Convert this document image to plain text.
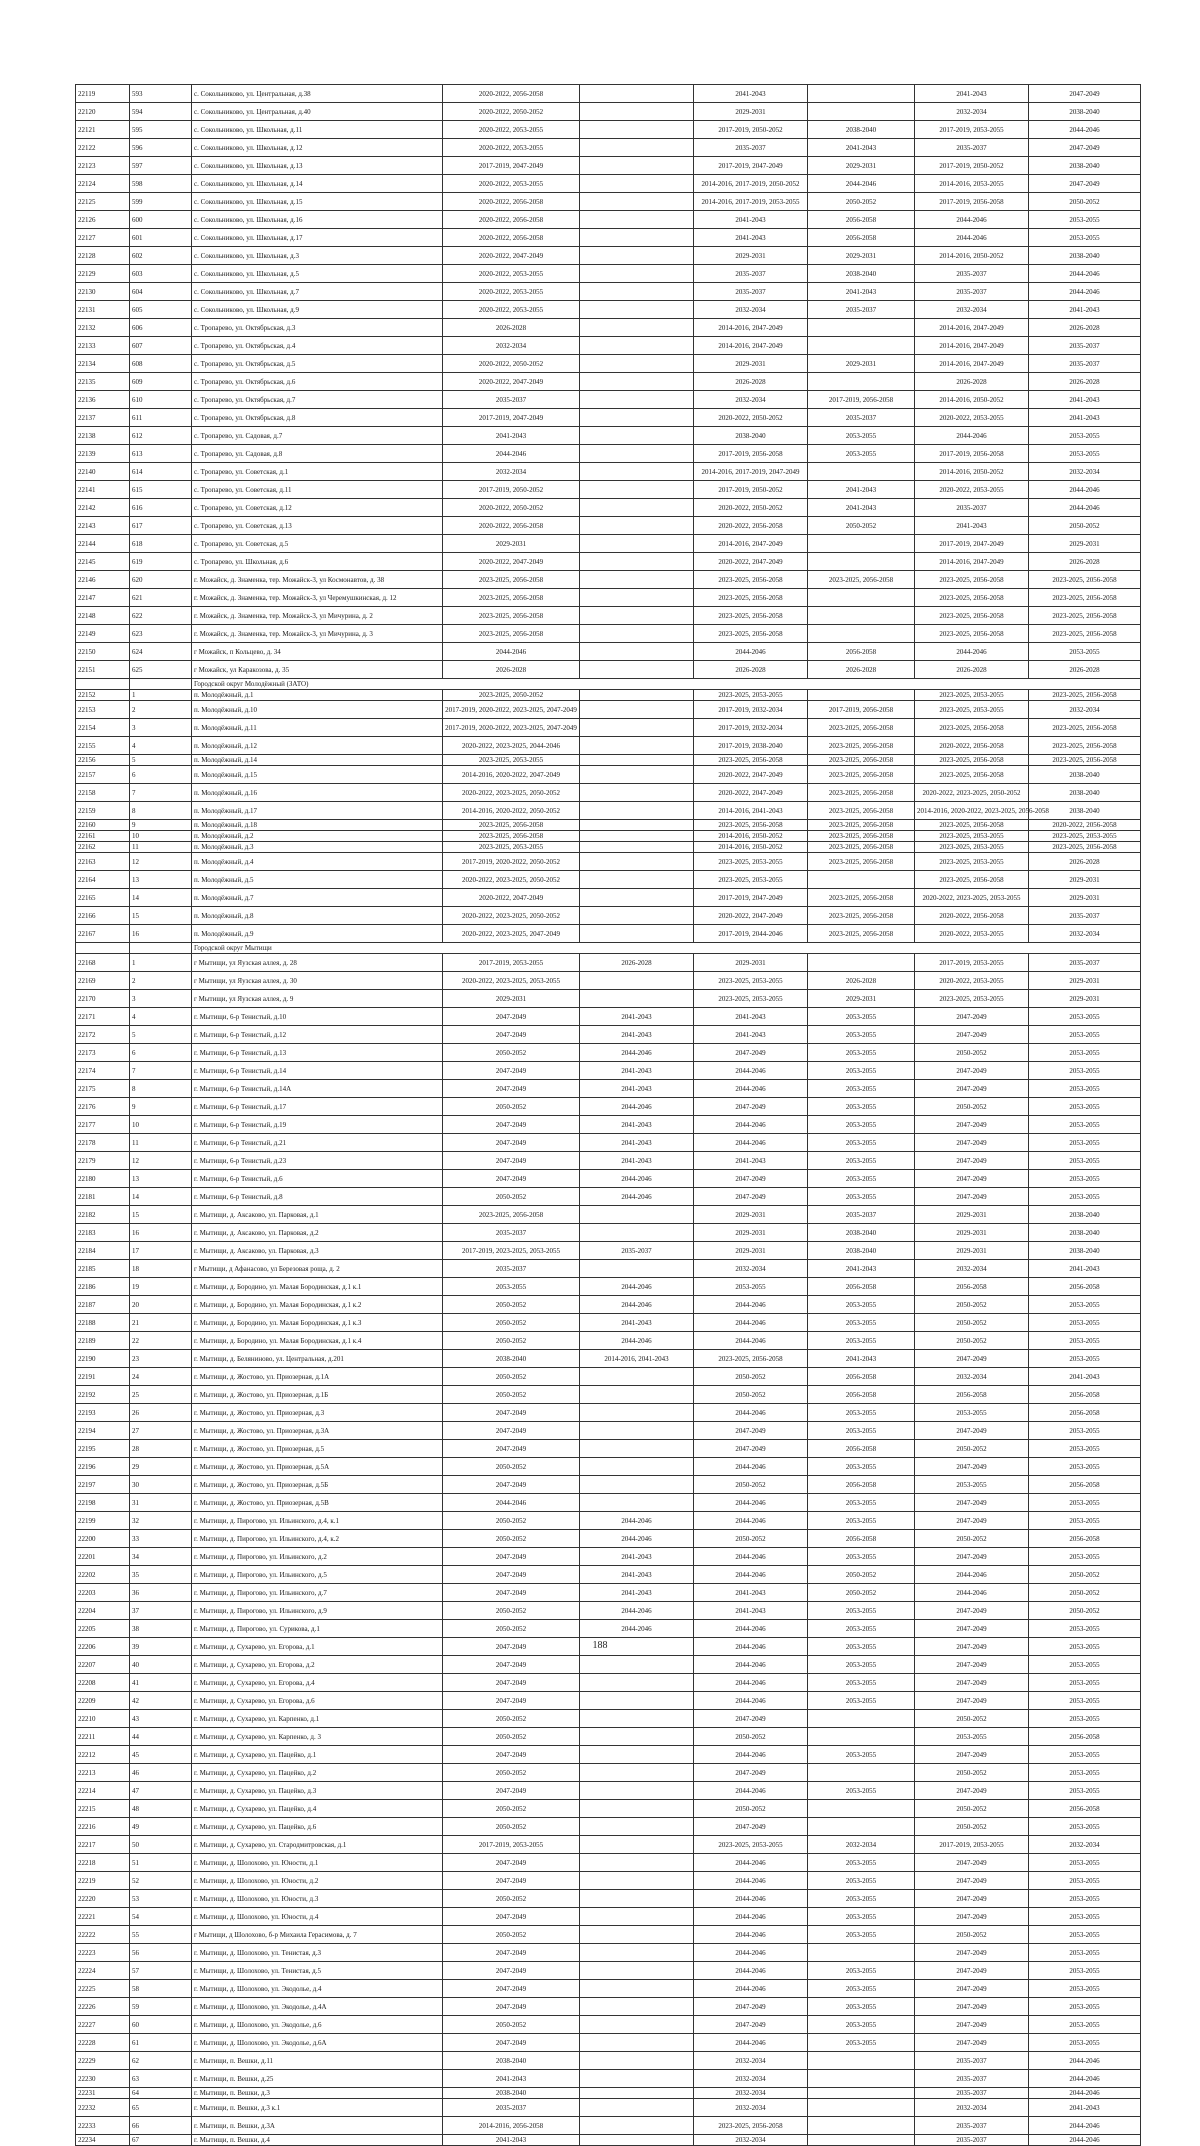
22119	593	с. Сокольниково, ул. Центральная, д.38	2020-2022, 2056-2058		2041-2043		2041-2043	2047-2049
22120	594	с. Сокольниково, ул. Центральная, д.40	2020-2022, 2050-2052		2029-2031		2032-2034	2038-2040
22121	595	с. Сокольниково, ул. Школьная, д.11	2020-2022, 2053-2055		2017-2019, 2050-2052	2038-2040	2017-2019, 2053-2055	2044-2046
22122	596	с. Сокольниково, ул. Школьная, д.12	2020-2022, 2053-2055		2035-2037	2041-2043	2035-2037	2047-2049
22123	597	с. Сокольниково, ул. Школьная, д.13	2017-2019, 2047-2049		2017-2019, 2047-2049	2029-2031	2017-2019, 2050-2052	2038-2040
22124	598	с. Сокольниково, ул. Школьная, д.14	2020-2022, 2053-2055		2014-2016, 2017-2019, 2050-2052	2044-2046	2014-2016, 2053-2055	2047-2049
22125	599	с. Сокольниково, ул. Школьная, д.15	2020-2022, 2056-2058		2014-2016, 2017-2019, 2053-2055	2050-2052	2017-2019, 2056-2058	2050-2052
22126	600	с. Сокольниково, ул. Школьная, д.16	2020-2022, 2056-2058		2041-2043	2056-2058	2044-2046	2053-2055
22127	601	с. Сокольниково, ул. Школьная, д.17	2020-2022, 2056-2058		2041-2043	2056-2058	2044-2046	2053-2055
22128	602	с. Сокольниково, ул. Школьная, д.3	2020-2022, 2047-2049		2029-2031	2029-2031	2014-2016, 2050-2052	2038-2040
22129	603	с. Сокольниково, ул. Школьная, д.5	2020-2022, 2053-2055		2035-2037	2038-2040	2035-2037	2044-2046
22130	604	с. Сокольниково, ул. Школьная, д.7	2020-2022, 2053-2055		2035-2037	2041-2043	2035-2037	2044-2046
22131	605	с. Сокольниково, ул. Школьная, д.9	2020-2022, 2053-2055		2032-2034	2035-2037	2032-2034	2041-2043
22132	606	с. Тропарево, ул. Октябрьская, д.3	2026-2028		2014-2016, 2047-2049		2014-2016, 2047-2049	2026-2028
22133	607	с. Тропарево, ул. Октябрьская, д.4	2032-2034		2014-2016, 2047-2049		2014-2016, 2047-2049	2035-2037
22134	608	с. Тропарево, ул. Октябрьская, д.5	2020-2022, 2050-2052		2029-2031	2029-2031	2014-2016, 2047-2049	2035-2037
22135	609	с. Тропарево, ул. Октябрьская, д.6	2020-2022, 2047-2049		2026-2028		2026-2028	2026-2028
22136	610	с. Тропарево, ул. Октябрьская, д.7	2035-2037		2032-2034	2017-2019, 2056-2058	2014-2016, 2050-2052	2041-2043
22137	611	с. Тропарево, ул. Октябрьская, д.8	2017-2019, 2047-2049		2020-2022, 2050-2052	2035-2037	2020-2022, 2053-2055	2041-2043
22138	612	с. Тропарево, ул. Садовая, д.7	2041-2043		2038-2040	2053-2055	2044-2046	2053-2055
22139	613	с. Тропарево, ул. Садовая, д.8	2044-2046		2017-2019, 2056-2058	2053-2055	2017-2019, 2056-2058	2053-2055
22140	614	с. Тропарево, ул. Советская, д.1	2032-2034		2014-2016, 2017-2019, 2047-2049		2014-2016, 2050-2052	2032-2034
22141	615	с. Тропарево, ул. Советская, д.11	2017-2019, 2050-2052		2017-2019, 2050-2052	2041-2043	2020-2022, 2053-2055	2044-2046
22142	616	с. Тропарево, ул. Советская, д.12	2020-2022, 2050-2052		2020-2022, 2050-2052	2041-2043	2035-2037	2044-2046
22143	617	с. Тропарево, ул. Советская, д.13	2020-2022, 2056-2058		2020-2022, 2056-2058	2050-2052	2041-2043	2050-2052
22144	618	с. Тропарево, ул. Советская, д.5	2029-2031		2014-2016, 2047-2049		2017-2019, 2047-2049	2029-2031
22145	619	с. Тропарево, ул. Школьная, д.6	2020-2022, 2047-2049		2020-2022, 2047-2049		2014-2016, 2047-2049	2026-2028
22146	620	г. Можайск, д. Знаменка, тер. Можайск-3, ул Космонавтов, д. 38	2023-2025, 2056-2058		2023-2025, 2056-2058	2023-2025, 2056-2058	2023-2025, 2056-2058	2023-2025, 2056-2058
22147	621	г. Можайск, д. Знаменка, тер. Можайск-3, ул Черемушкинская, д. 12	2023-2025, 2056-2058		2023-2025, 2056-2058		2023-2025, 2056-2058	2023-2025, 2056-2058
22148	622	г. Можайск, д. Знаменка, тер. Можайск-3, ул Мичурина, д. 2	2023-2025, 2056-2058		2023-2025, 2056-2058		2023-2025, 2056-2058	2023-2025, 2056-2058
22149	623	г. Можайск, д. Знаменка, тер. Можайск-3, ул Мичурина, д. 3	2023-2025, 2056-2058		2023-2025, 2056-2058		2023-2025, 2056-2058	2023-2025, 2056-2058
22150	624	г Можайск, п Кольцево, д. 34	2044-2046		2044-2046	2056-2058	2044-2046	2053-2055
22151	625	г Можайск, ул Каракозова, д. 35	2026-2028		2026-2028	2026-2028	2026-2028	2026-2028
		Городской округ Молодёжный (ЗАТО)						
22152	1	п. Молодёжный, д.1	2023-2025, 2050-2052		2023-2025, 2053-2055		2023-2025, 2053-2055	2023-2025, 2056-2058
22153	2	п. Молодёжный, д.10	2017-2019, 2020-2022, 2023-2025, 2047-2049		2017-2019, 2032-2034	2017-2019, 2056-2058	2023-2025, 2053-2055	2032-2034
22154	3	п. Молодёжный, д.11	2017-2019, 2020-2022, 2023-2025, 2047-2049		2017-2019, 2032-2034	2023-2025, 2056-2058	2023-2025, 2056-2058	2023-2025, 2056-2058
22155	4	п. Молодёжный, д.12	2020-2022, 2023-2025, 2044-2046		2017-2019, 2038-2040	2023-2025, 2056-2058	2020-2022, 2056-2058	2023-2025, 2056-2058
22156	5	п. Молодёжный, д.14	2023-2025, 2053-2055		2023-2025, 2056-2058	2023-2025, 2056-2058	2023-2025, 2056-2058	2023-2025, 2056-2058
22157	6	п. Молодёжный, д.15	2014-2016, 2020-2022, 2047-2049		2020-2022, 2047-2049	2023-2025, 2056-2058	2023-2025, 2056-2058	2038-2040
22158	7	п. Молодёжный, д.16	2020-2022, 2023-2025, 2050-2052		2020-2022, 2047-2049	2023-2025, 2056-2058	2020-2022, 2023-2025, 2050-2052	2038-2040
22159	8	п. Молодёжный, д.17	2014-2016, 2020-2022, 2050-2052		2014-2016, 2041-2043	2023-2025, 2056-2058	2014-2016, 2020-2022, 2023-2025, 2056-2058	2038-2040
22160	9	п. Молодёжный, д.18	2023-2025, 2056-2058		2023-2025, 2056-2058	2023-2025, 2056-2058	2023-2025, 2056-2058	2020-2022, 2056-2058
22161	10	п. Молодёжный, д.2	2023-2025, 2056-2058		2014-2016, 2050-2052	2023-2025, 2056-2058	2023-2025, 2053-2055	2023-2025, 2053-2055
22162	11	п. Молодёжный, д.3	2023-2025, 2053-2055		2014-2016, 2050-2052	2023-2025, 2056-2058	2023-2025, 2053-2055	2023-2025, 2056-2058
22163	12	п. Молодёжный, д.4	2017-2019, 2020-2022, 2050-2052		2023-2025, 2053-2055	2023-2025, 2056-2058	2023-2025, 2053-2055	2026-2028
22164	13	п. Молодёжный, д.5	2020-2022, 2023-2025, 2050-2052		2023-2025, 2053-2055		2023-2025, 2056-2058	2029-2031
22165	14	п. Молодёжный, д.7	2020-2022, 2047-2049		2017-2019, 2047-2049	2023-2025, 2056-2058	2020-2022, 2023-2025, 2053-2055	2029-2031
22166	15	п. Молодёжный, д.8	2020-2022, 2023-2025, 2050-2052		2020-2022, 2047-2049	2023-2025, 2056-2058	2020-2022, 2056-2058	2035-2037
22167	16	п. Молодёжный, д.9	2020-2022, 2023-2025, 2047-2049		2017-2019, 2044-2046	2023-2025, 2056-2058	2020-2022, 2053-2055	2032-2034
		Городской округ Мытищи						
22168	1	г Мытищи, ул Яузская аллея, д. 28	2017-2019, 2053-2055	2026-2028	2029-2031		2017-2019, 2053-2055	2035-2037
22169	2	г Мытищи, ул Яузская аллея, д. 30	2020-2022, 2023-2025, 2053-2055		2023-2025, 2053-2055	2026-2028	2020-2022, 2053-2055	2029-2031
22170	3	г Мытищи, ул Яузская аллея, д. 9	2029-2031		2023-2025, 2053-2055	2029-2031	2023-2025, 2053-2055	2029-2031
22171	4	г. Мытищи, 6-р Тенистый, д.10	2047-2049	2041-2043	2041-2043	2053-2055	2047-2049	2053-2055
22172	5	г. Мытищи, 6-р Тенистый, д.12	2047-2049	2041-2043	2041-2043	2053-2055	2047-2049	2053-2055
22173	6	г. Мытищи, 6-р Тенистый, д.13	2050-2052	2044-2046	2047-2049	2053-2055	2050-2052	2053-2055
22174	7	г. Мытищи, 6-р Тенистый, д.14	2047-2049	2041-2043	2044-2046	2053-2055	2047-2049	2053-2055
22175	8	г. Мытищи, 6-р Тенистый, д.14А	2047-2049	2041-2043	2044-2046	2053-2055	2047-2049	2053-2055
22176	9	г. Мытищи, 6-р Тенистый, д.17	2050-2052	2044-2046	2047-2049	2053-2055	2050-2052	2053-2055
22177	10	г. Мытищи, 6-р Тенистый, д.19	2047-2049	2041-2043	2044-2046	2053-2055	2047-2049	2053-2055
22178	11	г. Мытищи, 6-р Тенистый, д.21	2047-2049	2041-2043	2044-2046	2053-2055	2047-2049	2053-2055
22179	12	г. Мытищи, 6-р Тенистый, д.23	2047-2049	2041-2043	2041-2043	2053-2055	2047-2049	2053-2055
22180	13	г. Мытищи, 6-р Тенистый, д.6	2047-2049	2044-2046	2047-2049	2053-2055	2047-2049	2053-2055
22181	14	г. Мытищи, 6-р Тенистый, д.8	2050-2052	2044-2046	2047-2049	2053-2055	2047-2049	2053-2055
22182	15	г. Мытищи, д. Аксаково, ул. Парковая, д.1	2023-2025, 2056-2058		2029-2031	2035-2037	2029-2031	2038-2040
22183	16	г. Мытищи, д. Аксаково, ул. Парковая, д.2	2035-2037		2029-2031	2038-2040	2029-2031	2038-2040
22184	17	г. Мытищи, д. Аксаково, ул. Парковая, д.3	2017-2019, 2023-2025, 2053-2055	2035-2037	2029-2031	2038-2040	2029-2031	2038-2040
22185	18	г Мытищи, д Афанасово, ул Березовая роща, д. 2	2035-2037		2032-2034	2041-2043	2032-2034	2041-2043
22186	19	г. Мытищи, д. Бородино, ул. Малая Бородинская, д.1 к.1	2053-2055	2044-2046	2053-2055	2056-2058	2056-2058	2056-2058
22187	20	г. Мытищи, д. Бородино, ул. Малая Бородинская, д.1 к.2	2050-2052	2044-2046	2044-2046	2053-2055	2050-2052	2053-2055
22188	21	г. Мытищи, д. Бородино, ул. Малая Бородинская, д.1 к.3	2050-2052	2041-2043	2044-2046	2053-2055	2050-2052	2053-2055
22189	22	г. Мытищи, д. Бородино, ул. Малая Бородинская, д.1 к.4	2050-2052	2044-2046	2044-2046	2053-2055	2050-2052	2053-2055
22190	23	г. Мытищи, д. Беляниново, ул. Центральная, д.201	2038-2040	2014-2016, 2041-2043	2023-2025, 2056-2058	2041-2043	2047-2049	2053-2055
22191	24	г. Мытищи, д. Жостово, ул. Приозерная, д.1А	2050-2052		2050-2052	2056-2058	2032-2034	2041-2043
22192	25	г. Мытищи, д. Жостово, ул. Приозерная, д.1Б	2050-2052		2050-2052	2056-2058	2056-2058	2056-2058
22193	26	г. Мытищи, д. Жостово, ул. Приозерная, д.3	2047-2049		2044-2046	2053-2055	2053-2055	2056-2058
22194	27	г. Мытищи, д. Жостово, ул. Приозерная, д.3А	2047-2049		2047-2049	2053-2055	2047-2049	2053-2055
22195	28	г. Мытищи, д. Жостово, ул. Приозерная, д.5	2047-2049		2047-2049	2056-2058	2050-2052	2053-2055
22196	29	г. Мытищи, д. Жостово, ул. Приозерная, д.5А	2050-2052		2044-2046	2053-2055	2047-2049	2053-2055
22197	30	г. Мытищи, д. Жостово, ул. Приозерная, д.5Б	2047-2049		2050-2052	2056-2058	2053-2055	2056-2058
22198	31	г. Мытищи, д. Жостово, ул. Приозерная, д.5В	2044-2046		2044-2046	2053-2055	2047-2049	2053-2055
22199	32	г. Мытищи, д. Пирогово, ул. Ильинского, д.4, к.1	2050-2052	2044-2046	2044-2046	2053-2055	2047-2049	2053-2055
22200	33	г. Мытищи, д. Пирогово, ул. Ильинского, д.4, к.2	2050-2052	2044-2046	2050-2052	2056-2058	2050-2052	2056-2058
22201	34	г. Мытищи, д. Пирогово, ул. Ильинского, д.2	2047-2049	2041-2043	2044-2046	2053-2055	2047-2049	2053-2055
22202	35	г. Мытищи, д. Пирогово, ул. Ильинского, д.5	2047-2049	2041-2043	2044-2046	2050-2052	2044-2046	2050-2052
22203	36	г. Мытищи, д. Пирогово, ул. Ильинского, д.7	2047-2049	2041-2043	2041-2043	2050-2052	2044-2046	2050-2052
22204	37	г. Мытищи, д. Пирогово, ул. Ильинского, д.9	2050-2052	2044-2046	2041-2043	2053-2055	2047-2049	2050-2052
22205	38	г. Мытищи, д. Пирогово, ул. Сурикова, д.1	2050-2052	2044-2046	2044-2046	2053-2055	2047-2049	2053-2055
22206	39	г. Мытищи, д. Сухарево, ул. Егорова, д.1	2047-2049		2044-2046	2053-2055	2047-2049	2053-2055
22207	40	г. Мытищи, д. Сухарево, ул. Егорова, д.2	2047-2049		2044-2046	2053-2055	2047-2049	2053-2055
22208	41	г. Мытищи, д. Сухарево, ул. Егорова, д.4	2047-2049		2044-2046	2053-2055	2047-2049	2053-2055
22209	42	г. Мытищи, д. Сухарево, ул. Егорова, д.6	2047-2049		2044-2046	2053-2055	2047-2049	2053-2055
22210	43	г. Мытищи, д. Сухарево, ул. Карпенко, д.1	2050-2052		2047-2049		2050-2052	2053-2055
22211	44	г. Мытищи, д. Сухарево, ул. Карпенко, д. 3	2050-2052		2050-2052		2053-2055	2056-2058
22212	45	г. Мытищи, д. Сухарево, ул. Пацейко, д.1	2047-2049		2044-2046	2053-2055	2047-2049	2053-2055
22213	46	г. Мытищи, д. Сухарево, ул. Пацейко, д.2	2050-2052		2047-2049		2050-2052	2053-2055
22214	47	г. Мытищи, д. Сухарево, ул. Пацейко, д.3	2047-2049		2044-2046	2053-2055	2047-2049	2053-2055
22215	48	г. Мытищи, д. Сухарево, ул. Пацейко, д.4	2050-2052		2050-2052		2050-2052	2056-2058
22216	49	г. Мытищи, д. Сухарево, ул. Пацейко, д.6	2050-2052		2047-2049		2050-2052	2053-2055
22217	50	г. Мытищи, д. Сухарево, ул. Стародмитровская, д.1	2017-2019, 2053-2055		2023-2025, 2053-2055	2032-2034	2017-2019, 2053-2055	2032-2034
22218	51	г. Мытищи, д. Шолохово, ул. Юности, д.1	2047-2049		2044-2046	2053-2055	2047-2049	2053-2055
22219	52	г. Мытищи, д. Шолохово, ул. Юности, д.2	2047-2049		2044-2046	2053-2055	2047-2049	2053-2055
22220	53	г. Мытищи, д. Шолохово, ул. Юности, д.3	2050-2052		2044-2046	2053-2055	2047-2049	2053-2055
22221	54	г. Мытищи, д. Шолохово, ул. Юности, д.4	2047-2049		2044-2046	2053-2055	2047-2049	2053-2055
22222	55	г Мытищи, д Шолохово, б-р Михаила Герасимова, д. 7	2050-2052		2044-2046	2053-2055	2050-2052	2053-2055
22223	56	г. Мытищи, д. Шолохово, ул. Тенистая, д.3	2047-2049		2044-2046		2047-2049	2053-2055
22224	57	г. Мытищи, д. Шолохово, ул. Тенистая, д.5	2047-2049		2044-2046	2053-2055	2047-2049	2053-2055
22225	58	г. Мытищи, д. Шолохово, ул. Экодолье, д.4	2047-2049		2044-2046	2053-2055	2047-2049	2053-2055
22226	59	г. Мытищи, д. Шолохово, ул. Экодолье, д.4А	2047-2049		2047-2049	2053-2055	2047-2049	2053-2055
22227	60	г. Мытищи, д. Шолохово, ул. Экодолье, д.6	2050-2052		2047-2049	2053-2055	2047-2049	2053-2055
22228	61	г. Мытищи, д. Шолохово, ул. Экодолье, д.6А	2047-2049		2044-2046	2053-2055	2047-2049	2053-2055
22229	62	г. Мытищи, п. Вешки, д.11	2038-2040		2032-2034		2035-2037	2044-2046
22230	63	г. Мытищи, п. Вешки, д.25	2041-2043		2032-2034		2035-2037	2044-2046
22231	64	г. Мытищи, п. Вешки, д.3	2038-2040		2032-2034		2035-2037	2044-2046
22232	65	г. Мытищи, п. Вешки, д.3 к.1	2035-2037		2032-2034		2032-2034	2041-2043
22233	66	г. Мытищи, п. Вешки, д.3А	2014-2016, 2056-2058		2023-2025, 2056-2058		2035-2037	2044-2046
22234	67	г. Мытищи, п. Вешки, д.4	2041-2043		2032-2034		2035-2037	2044-2046
188
